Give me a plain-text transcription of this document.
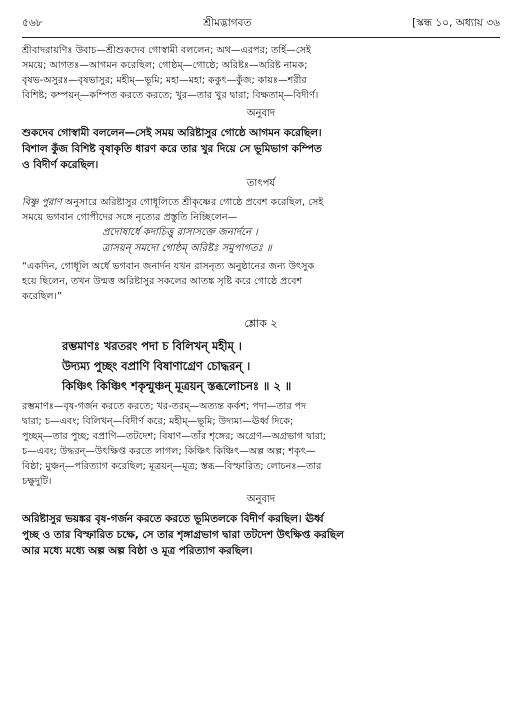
৫৬৮	শ্রীমদ্ভাগবত	[স্কন্ধ ১০, অধ্যায় ৩৬

শ্রীবাদরায়ণিঃ উবাচ—শ্রীশুকদেব গোস্বামী বললেন; অথ—এরপর; তর্হি—সেই

সময়ে; আগতঃ—আগমন করেছিল; গোষ্ঠম্—গোষ্ঠে; অরিষ্টঃ—অরিষ্ট নামক;

বৃষভ-অসুরঃ—বৃষভাসুর; মহীম্—ভূমি; মহা—মহা; ককুৎ—কুঁজ; কায়ঃ—শরীর

বিশিষ্ট; কম্পয়ন্—কম্পিত করতে করতে; খুর—তার খুর দ্বারা; বিক্ষতাম্—বিদীর্ণ।

অনুবাদ

শুকদেব গোস্বামী বললেন—সেই সময় অরিষ্টাসুর গোষ্ঠে আগমন করেছিল।

বিশাল কুঁজ বিশিষ্ট বৃষাকৃতি ধারণ করে তার খুর দিয়ে সে ভূমিভাগ কম্পিত

ও বিদীর্ণ করেছিল।

তাৎপর্য

বিষ্ণু পুরাণ অনুসারে অরিষ্টাসুর গোধূলিতে শ্রীকৃষ্ণের গোষ্ঠে প্রবেশ করেছিল, সেই

সময়ে ভগবান গোপীদের সঙ্গে নৃত্যের প্রস্তুতি নিচ্ছিলেন—

প্রদোষার্ধে কদাচিত্তু রাসাসক্তে জনার্দনে ।

ত্রাসয়ন্ সমদো গোষ্ঠম্ অরিষ্টঃ সমুপাগতঃ ॥

“একদিন, গোধূলি অর্ধে ভগবান জনার্দন যখন রাসনৃত্য অনুষ্ঠানের জন্য উৎসুক

হয়ে ছিলেন, তখন উন্মত্ত অরিষ্টাসুর সকলের আতঙ্ক সৃষ্টি করে গোষ্ঠে প্রবেশ

করেছিল।”

শ্লোক ২

রম্ভমাণঃ খরতরং পদা চ বিলিখন্ মহীম্ ।

উদ্যম্য পুচ্ছং বপ্রাণি বিষাণাগ্রেণ চোদ্ধরন্ ।

কিঞ্চিৎ কিঞ্চিৎ শকৃন্মুঞ্চন্ মূত্রয়ন্ স্তব্ধলোচনঃ ॥ ২ ॥

রম্ভমাণঃ—বৃষ-গর্জন করতে করতে; খর-তরম্—অত্যন্ত কর্কশ; পদা—তার পদ

দ্বারা; চ—এবং; বিলিখন্—বিদীর্ণ করে; মহীম্—ভূমি; উদ্যম্য—ঊর্ধ্ব দিকে;

পুচ্ছম্—তার পুচ্ছ; বপ্রাণি—তটদেশ; বিষাণ—তাঁর শৃঙ্গের; অগ্রেণ—অগ্রভাগ দ্বারা;

চ—এবং; উদ্ধরন্—উৎক্ষিপ্ত করতে লাগল; কিঞ্চিৎ কিঞ্চিৎ—অল্প অল্প; শকৃৎ—

বিষ্ঠা; মুঞ্চন্—পরিত্যাগ করেছিল; মূত্রয়ন্—মূত্র; স্তব্ধ—বিস্ফারিত; লোচনঃ—তার

চক্ষুদুটি।

অনুবাদ

অরিষ্টাসুর ভয়ঙ্কর বৃষ-গর্জন করতে করতে ভূমিতলকে বিদীর্ণ করছিল। ঊর্ধ্ব

পুচ্ছ ও তার বিস্ফারিত চক্ষে, সে তার শৃঙ্গাগ্রভাগ দ্বারা তটদেশ উৎক্ষিপ্ত করছিল

আর মধ্যে মধ্যে অল্প অল্প বিষ্ঠা ও মূত্র পরিত্যাগ করছিল।
